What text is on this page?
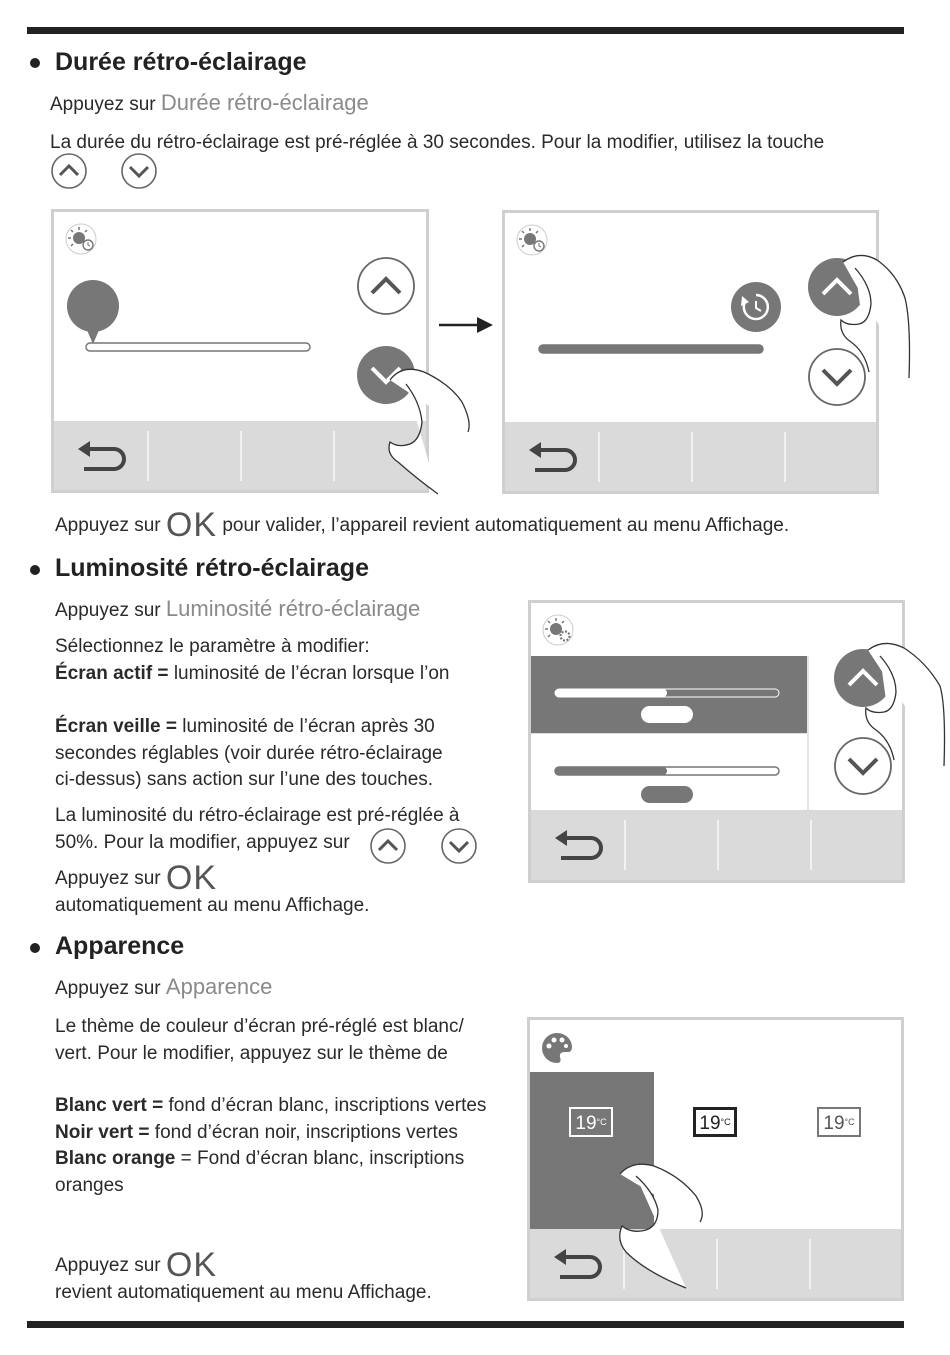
Durée rétro-éclairage
Appuyez sur Durée rétro-éclairage
La durée du rétro-éclairage est pré-réglée à 30 secondes. Pour la modifier, utilisez la touche
Appuyez sur OK pour valider, l’appareil revient automatiquement au menu Affichage.
Luminosité rétro-éclairage
Appuyez sur Luminosité rétro-éclairage
Sélectionnez le paramètre à modifier:
Écran actif = luminosité de l’écran lorsque l’on
Écran veille = luminosité de l’écran après 30
secondes réglables (voir durée rétro-éclairage
ci-dessus) sans action sur l’une des touches.
La luminosité du rétro-éclairage est pré-réglée à
50%. Pour la modifier, appuyez sur
Appuyez sur OK
automatiquement au menu Affichage.
Apparence
Appuyez sur Apparence
Le thème de couleur d’écran pré-réglé est blanc/
vert. Pour le modifier, appuyez sur le thème de
Blanc vert = fond d’écran blanc, inscriptions vertes
Noir vert = fond d’écran noir, inscriptions vertes
Blanc orange = Fond d’écran blanc, inscriptions
oranges
Appuyez sur OK
revient automatiquement au menu Affichage.
$19^{^\circ C}$	$19^{^\circ C}$	$19^{^\circ C}$
